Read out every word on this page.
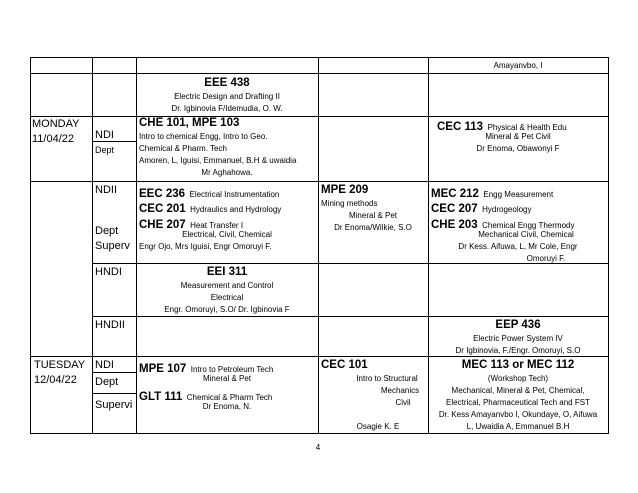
Amayanvbo, I
EEE 438
Electric Design and Drafting II
Dr. Igbinovia F/Idemudia, O. W.
MONDAY
11/04/22 NDI
Dept
CHE 101, MPE 103
Intro to chemical Engg, Intro to Geo.
Chemical & Pharm. Tech
Amoren, L, Iguisi, Emmanuel, B.H & uwaidia
Mr Aghahowa.
CEC 113 Physical & Health Edu
Mineral & Pet Civil
Dr Enoma, Obawonyi F
NDII
Dept
Superv
EEC 236 Electrical Instrumentation
CEC 201 Hydraulics and Hydrology
CHE 207 Heat Transfer I
Electrical, Civil, Chemical
Engr Ojo, Mrs Iguisi, Engr Omoruyi F.
MPE 209
Mining methods
Mineral & Pet
Dr Enoma/Wilkie, S.O
MEC 212 Engg Measurement
CEC 207 Hydrogeology
CHE 203 Chemical Engg Thermody
Mechanical Civil, Chemical
Dr Kess. Aifuwa, L, Mr Cole, Engr
Omoruyi F.
HNDI	EEI 311
Measurement and Control
Electrical
Engr. Omoruyi, S.O/ Dr. Igbinovia F
HNDII	EEP 436
Electric Power System IV
Dr Igbinovia, F./Engr. Omoruyi, S.O
TUESDAY
12/04/22
NDI
Dept
Supervi
MPE 107 Intro to Petroleum Tech
Mineral & Pet
GLT 111 Chemical & Pharm Tech
Dr Enoma, N.
CEC 101
Intro to Structural
Mechanics
Civil
Osagie K. E
MEC 113 or MEC 112
(Workshop Tech)
Mechanical, Mineral & Pet, Chemical,
Electrical, Pharmaceutical Tech and FST
Dr. Kess Amayanvbo I, Okundaye, O, Aifuwa
L, Uwaidia A, Emmanuel B.H
4
